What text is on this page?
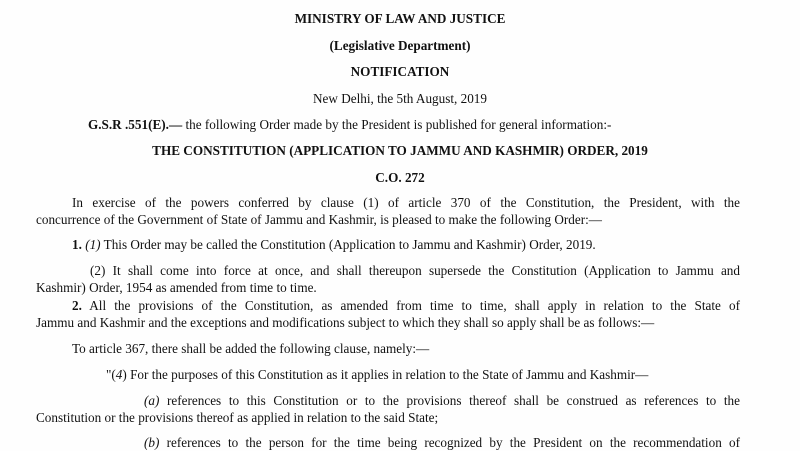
MINISTRY OF LAW AND JUSTICE
(Legislative Department)
NOTIFICATION
New Delhi, the 5th August, 2019
G.S.R .551(E).— the following Order made by the President is published for general information:-
THE CONSTITUTION (APPLICATION TO JAMMU AND KASHMIR) ORDER, 2019
C.O. 272
In exercise of the powers conferred by clause (1) of article 370 of the Constitution, the President, with the
concurrence of the Government of State of Jammu and Kashmir, is pleased to make the following Order:—
1. (1) This Order may be called the Constitution (Application to Jammu and Kashmir) Order, 2019.
(2) It shall come into force at once, and shall thereupon supersede the Constitution (Application to Jammu and
Kashmir) Order, 1954 as amended from time to time.
2. All the provisions of the Constitution, as amended from time to time, shall apply in relation to the State of
Jammu and Kashmir and the exceptions and modifications subject to which they shall so apply shall be as follows:—
To article 367, there shall be added the following clause, namely:—
"(4) For the purposes of this Constitution as it applies in relation to the State of Jammu and Kashmir—
(a) references to this Constitution or to the provisions thereof shall be construed as references to the
Constitution or the provisions thereof as applied in relation to the said State;
(b) references to the person for the time being recognized by the President on the recommendation of
